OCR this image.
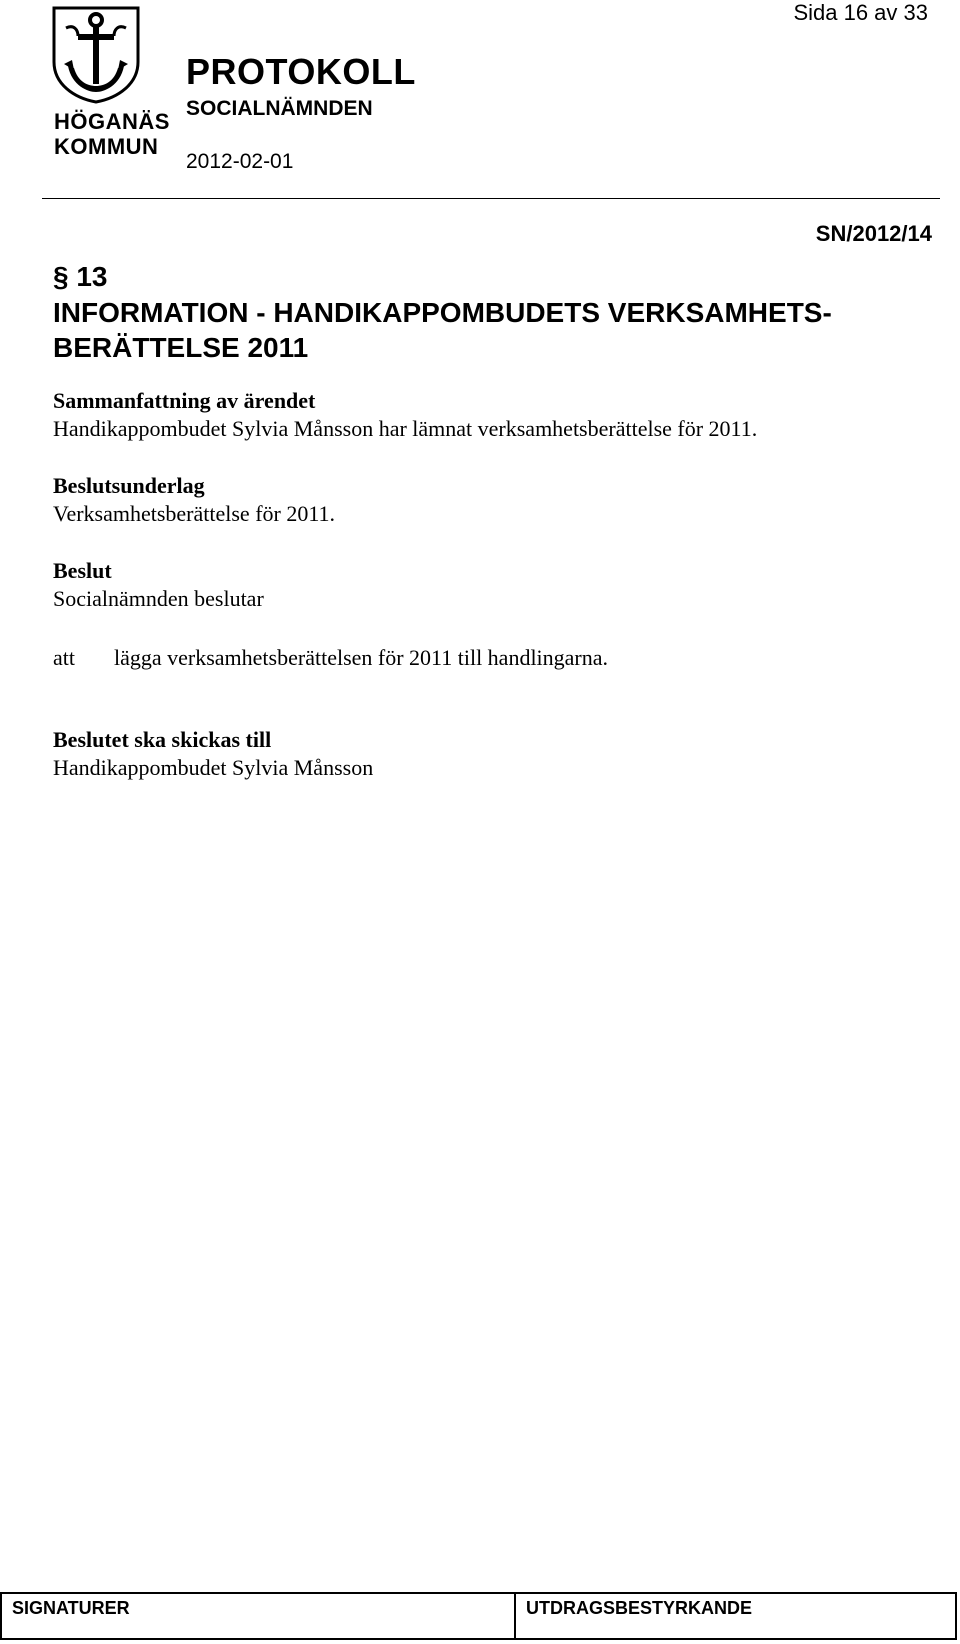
Sida 16 av 33
HÖGANÄS
KOMMUN
PROTOKOLL
SOCIALNÄMNDEN
2012-02-01
SN/2012/14
§ 13
INFORMATION - HANDIKAPPOMBUDETS VERKSAMHETS-
BERÄTTELSE 2011
Sammanfattning av ärendet
Handikappombudet Sylvia Månsson har lämnat verksamhetsberättelse för 2011.
Beslutsunderlag
Verksamhetsberättelse för 2011.
Beslut
Socialnämnden beslutar
att lägga verksamhetsberättelsen för 2011 till handlingarna.
Beslutet ska skickas till
Handikappombudet Sylvia Månsson
SIGNATURER	UTDRAGSBESTYRKANDE
